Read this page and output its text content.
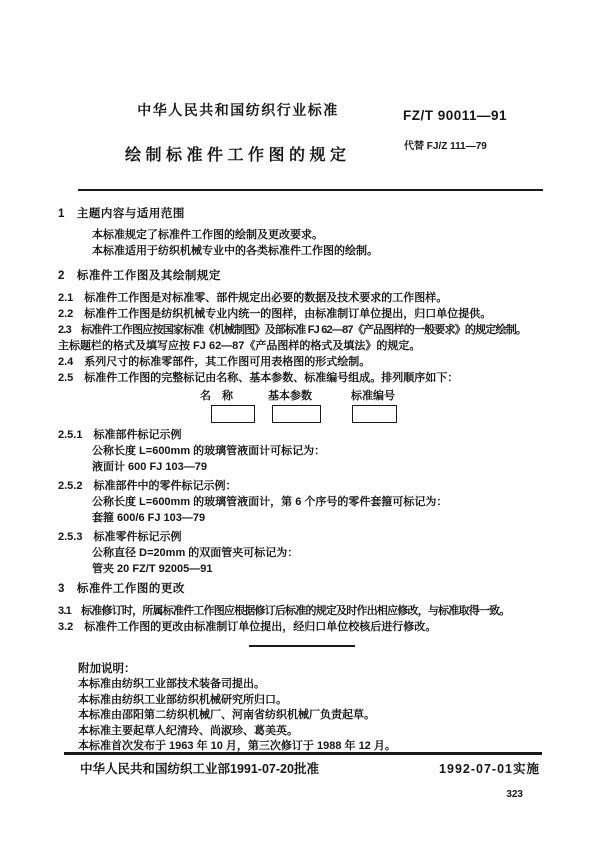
中华人民共和国纺织行业标准	FZ/T 90011—91
代替 FJ/Z 111—79
绘制标准件工作图的规定
1　主题内容与适用范围
本标准规定了标准件工作图的绘制及更改要求。
本标准适用于纺织机械专业中的各类标准件工作图的绘制。
2　标准件工作图及其绘制规定
2.1　标准件工作图是对标准零、部件规定出必要的数据及技术要求的工作图样。
2.2　标准件工作图是纺织机械专业内统一的图样，由标准制订单位提出，归口单位提供。
2.3　标准件工作图应按国家标准《机械制图》及部标准 FJ 62—87《产品图样的一般要求》的规定绘制。
主标题栏的格式及填写应按 FJ 62—87《产品图样的格式及填法》的规定。
2.4　系列尺寸的标准零部件，其工作图可用表格图的形式绘制。
2.5　标准件工作图的完整标记由名称、基本参数、标准编号组成。排列顺序如下：
名　称	基本参数	标准编号
2.5.1　标准部件标记示例
公称长度 L=600mm 的玻璃管液面计可标记为：
液面计 600 FJ 103—79
2.5.2　标准部件中的零件标记示例：
公称长度 L=600mm 的玻璃管液面计，第 6 个序号的零件套箍可标记为：
套箍 600/6 FJ 103—79
2.5.3　标准零件标记示例
公称直径 D=20mm 的双面管夹可标记为：
管夹 20 FZ/T 92005—91
3　标准件工作图的更改
3.1　标准修订时，所属标准件工作图应根据修订后标准的规定及时作出相应修改，与标准取得一致。
3.2　标准件工作图的更改由标准制订单位提出，经归口单位校核后进行修改。
附加说明：
本标准由纺织工业部技术装备司提出。
本标准由纺织工业部纺织机械研究所归口。
本标准由邵阳第二纺织机械厂、河南省纺织机械厂负责起草。
本标准主要起草人纪清玲、尚淑珍、葛美英。
本标准首次发布于 1963 年 10 月，第三次修订于 1988 年 12 月。
中华人民共和国纺织工业部1991-07-20批准	1992-07-01实施
323
